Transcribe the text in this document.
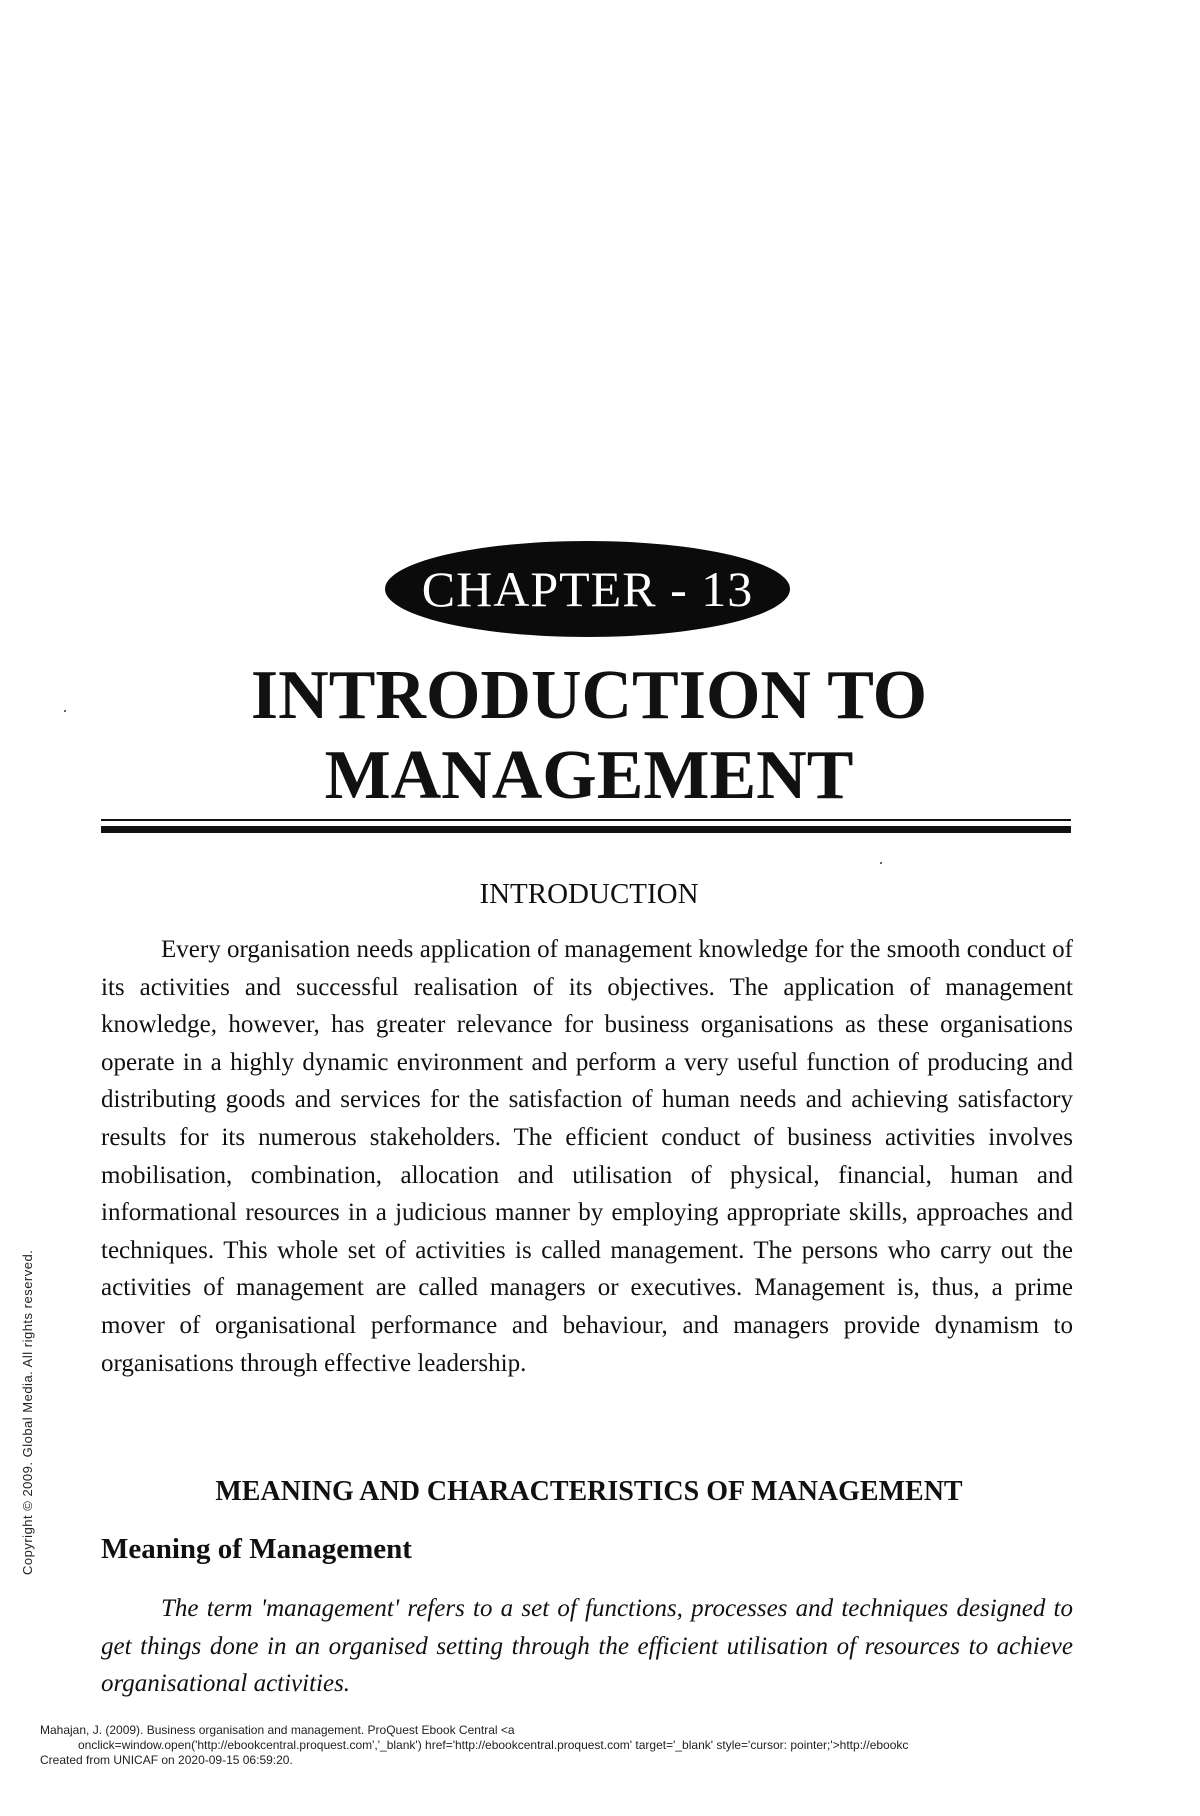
CHAPTER - 13
INTRODUCTION TO
MANAGEMENT
INTRODUCTION

Every organisation needs application of management knowledge for the smooth conduct of its activities and successful realisation of its objectives. The application of management knowledge, however, has greater relevance for business organisations as these organisations operate in a highly dynamic environment and perform a very useful function of producing and distributing goods and services for the satisfaction of human needs and achieving satisfactory results for its numerous stakeholders. The efficient conduct of business activities involves mobilisation, combination, allocation and utilisation of physical, financial, human and informational resources in a judicious manner by employing appropriate skills, approaches and techniques. This whole set of activities is called management. The persons who carry out the activities of management are called managers or executives. Management is, thus, a prime mover of organisational performance and behaviour, and managers provide dynamism to organisations through effective leadership.

MEANING AND CHARACTERISTICS OF MANAGEMENT
Meaning of Management

The term 'management' refers to a set of functions, processes and techniques designed to get things done in an organised setting through the efficient utilisation of resources to achieve organisational activities.

Copyright © 2009. Global Media. All rights reserved.
Mahajan, J. (2009). Business organisation and management. ProQuest Ebook Central <a
onclick=window.open('http://ebookcentral.proquest.com','_blank') href='http://ebookcentral.proquest.com' target='_blank' style='cursor: pointer;'>http://ebookc
Created from UNICAF on 2020-09-15 06:59:20.
